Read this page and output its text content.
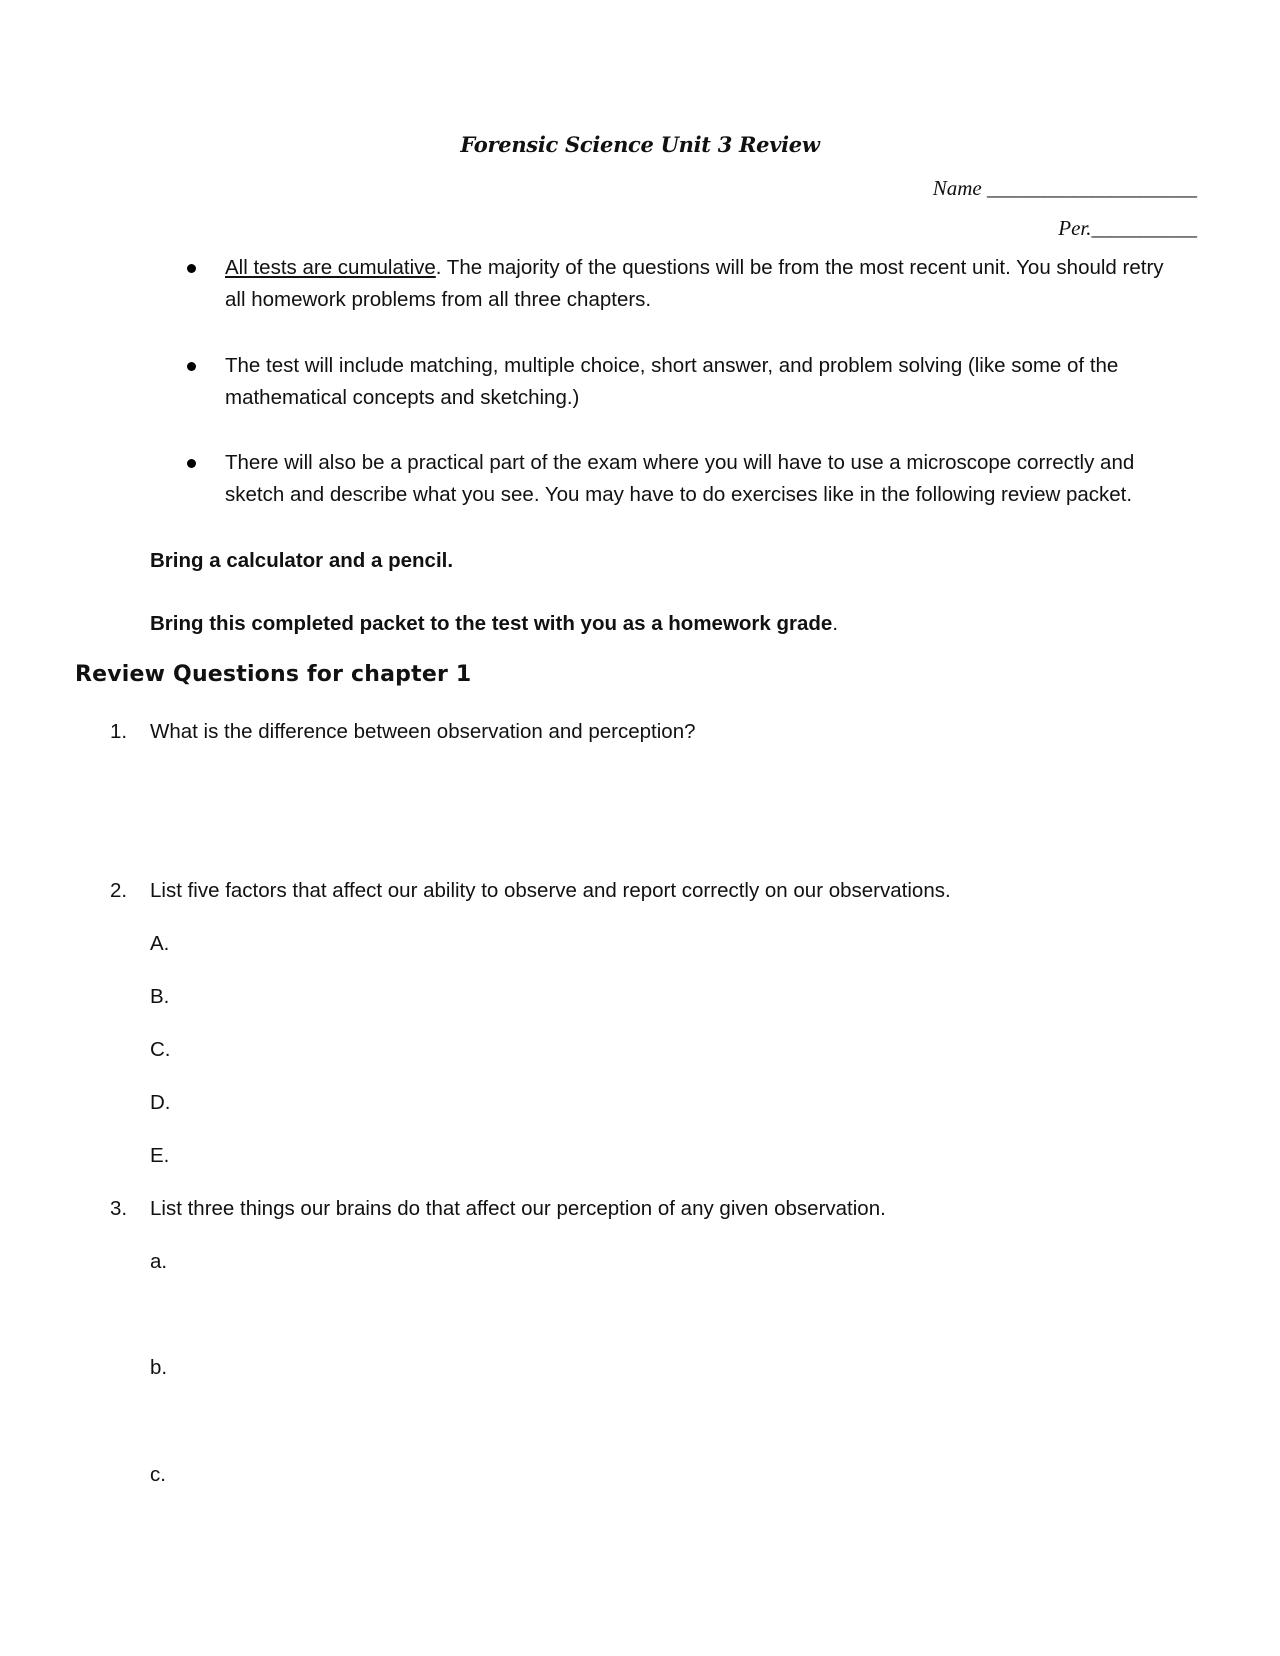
Forensic Science Unit 3 Review
Name ______________________
Per.___________
All tests are cumulative. The majority of the questions will be from the most recent unit. You should retry all homework problems from all three chapters.
The test will include matching, multiple choice, short answer, and problem solving (like some of the mathematical concepts and sketching.)
There will also be a practical part of the exam where you will have to use a microscope correctly and sketch and describe what you see. You may have to do exercises like in the following review packet.
Bring a calculator and a pencil.
Bring this completed packet to the test with you as a homework grade.
Review Questions for chapter 1
1. What is the difference between observation and perception?
2. List five factors that affect our ability to observe and report correctly on our observations.
A.
B.
C.
D.
E.
3. List three things our brains do that affect our perception of any given observation.
a.
b.
c.
